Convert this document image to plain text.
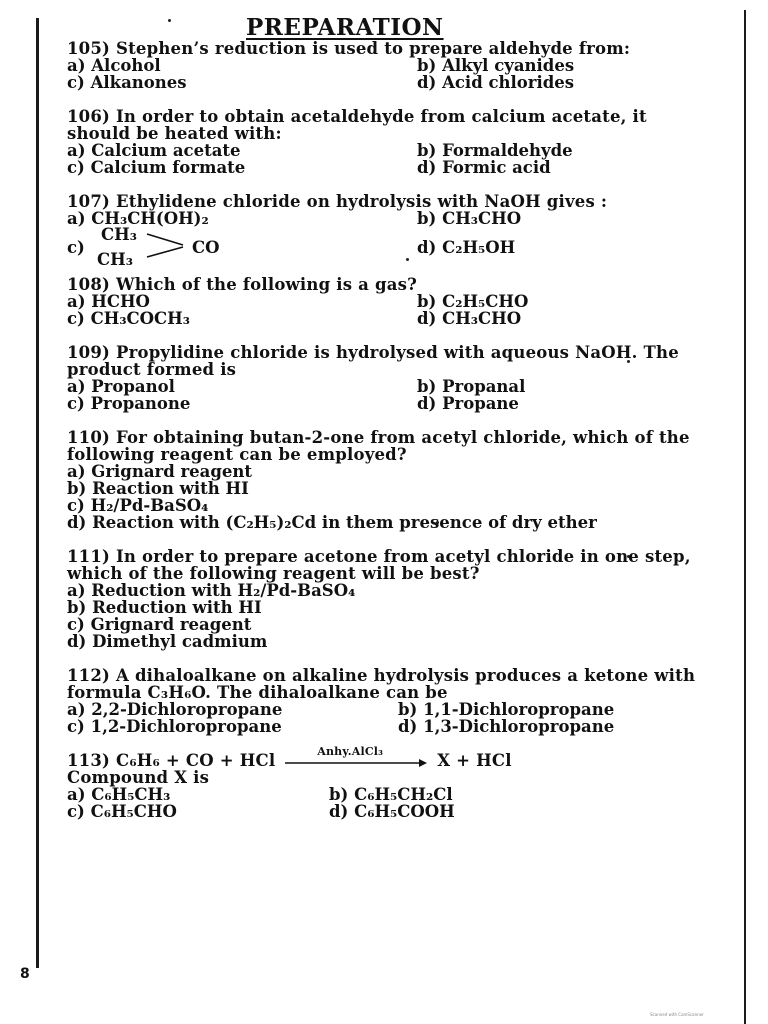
PREPARATION
105) Stephen’s reduction is used to prepare aldehyde from:
a) Alcohol	b) Alkyl cyanides
c) Alkanones	d) Acid chlorides
106) In order to obtain acetaldehyde from calcium acetate, it should be heated with:
a) Calcium acetate	b) Formaldehyde
c) Calcium formate	d) Formic acid
107) Ethylidene chloride on hydrolysis with NaOH gives :
a) CH₃CH(OH)₂	b) CH₃CHO
c)
CH₃
CH₃
CO	d) C₂H₅OH
108) Which of the following is a gas?
a) HCHO	b) C₂H₅CHO
c) CH₃COCH₃	d) CH₃CHO
109) Propylidine chloride is hydrolysed with aqueous NaOH. The product formed is
a) Propanol	b) Propanal
c) Propanone	d) Propane
110) For obtaining butan-2-one from acetyl chloride, which of the following reagent can be employed?
a) Grignard reagent
b) Reaction with HI
c) H₂/Pd-BaSO₄
d) Reaction with (C₂H₅)₂Cd in them presence of dry ether
111) In order to prepare acetone from acetyl chloride in one step, which of the following reagent will be best?
a) Reduction with H₂/Pd-BaSO₄
b) Reduction with HI
c) Grignard reagent
d) Dimethyl cadmium
112) A dihaloalkane on alkaline hydrolysis produces a ketone with formula C₃H₆O. The dihaloalkane can be
a) 2,2-Dichloropropane	b) 1,1-Dichloropropane
c) 1,2-Dichloropropane	d) 1,3-Dichloropropane
113) C₆H₆ + CO + HCl	Anhy.AlCl₃	X + HCl
Compound X is
a) C₆H₅CH₃	b) C₆H₅CH₂Cl
c) C₆H₅CHO	d) C₆H₅COOH
8
Scanned with CamScanner
